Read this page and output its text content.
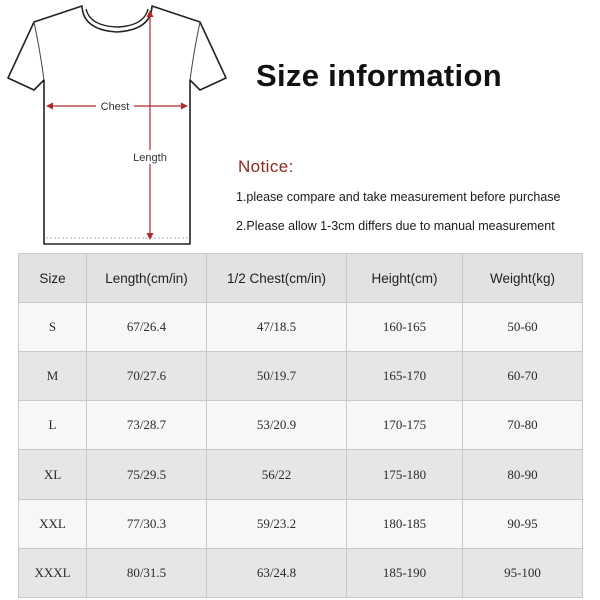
Chest
Length
Size information
Notice:
1.please compare and take measurement before purchase
2.Please allow 1-3cm differs due to manual measurement
Size	Length(cm/in)	1/2 Chest(cm/in)	Height(cm)	Weight(kg)
S	67/26.4	47/18.5	160-165	50-60
M	70/27.6	50/19.7	165-170	60-70
L	73/28.7	53/20.9	170-175	70-80
XL	75/29.5	56/22	175-180	80-90
XXL	77/30.3	59/23.2	180-185	90-95
XXXL	80/31.5	63/24.8	185-190	95-100
